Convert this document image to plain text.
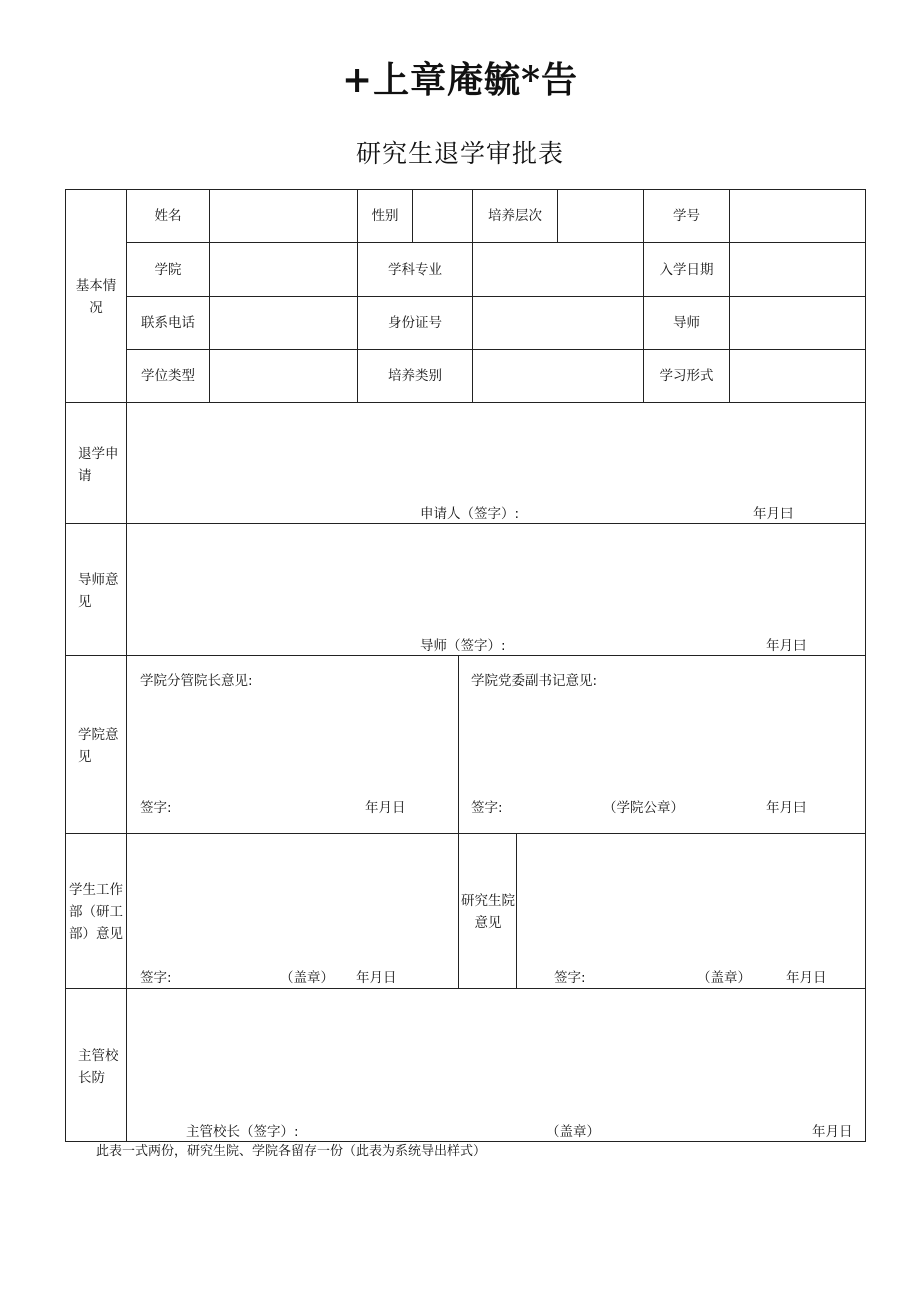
+上章庵毓*告
研究生退学审批表
基本情况
姓名	性别	培养层次	学号
学院	学科专业	入学日期
联系电话	身份证号	导师
学位类型	培养类别	学习形式
退学申请
申请人（签字）:	年月曰
导师意见
导师（签字）:	年月曰
学院意见
学院分管院长意见:
签字:	年月日
学院党委副书记意见:
签字:	（学院公章）	年月曰
学生工作部（研工部）意见
签字:	（盖章） 年月日
研究生院意见
签字:	（盖章）	年月日
主管校长防
主管校长（签字）:	（盖章）	年月日
此表一式两份，研究生院、学院各留存一份（此表为系统导出样式）
